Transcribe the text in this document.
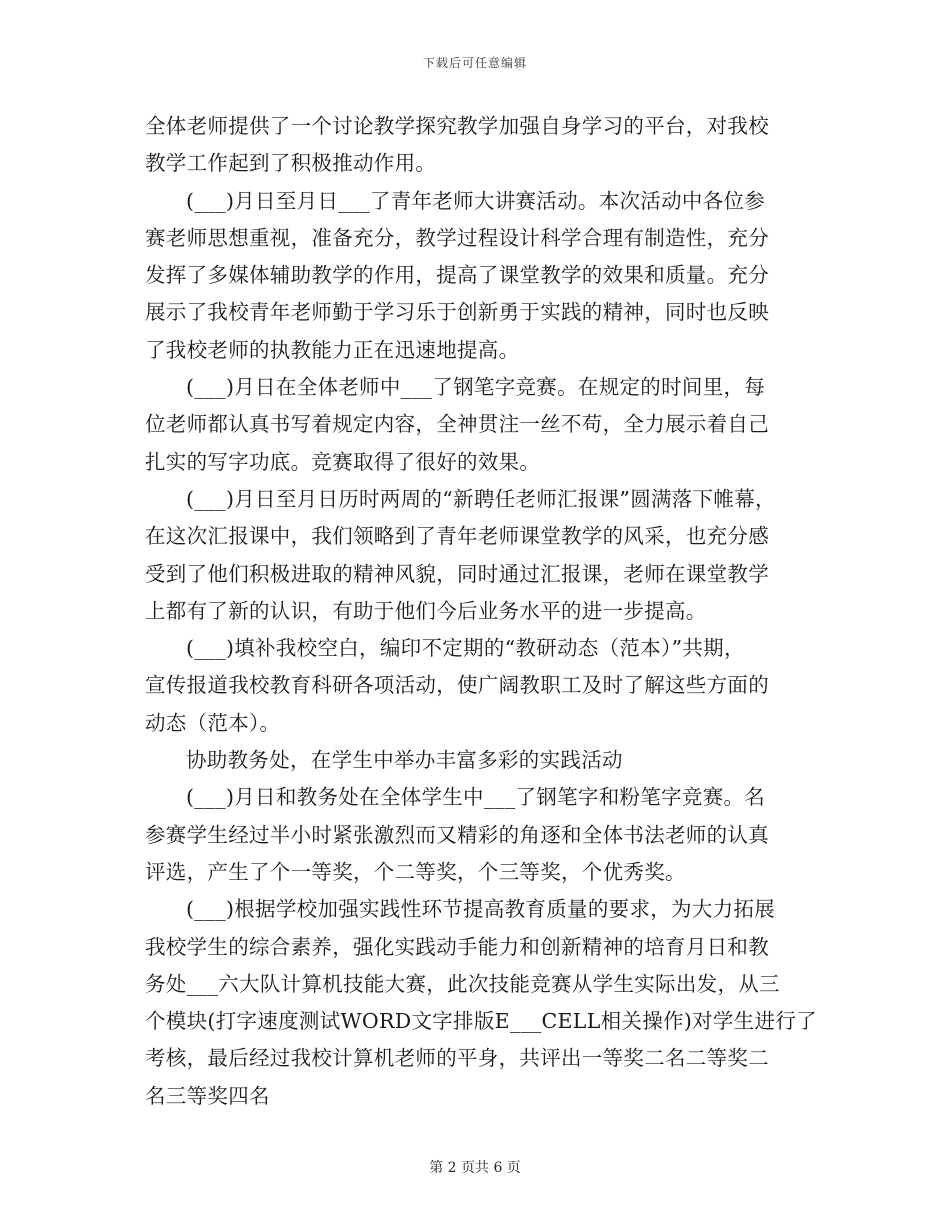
下载后可任意编辑
全体老师提供了一个讨论教学探究教学加强自身学习的平台，对我校
教学工作起到了积极推动作用。
(___)月日至月日___了青年老师大讲赛活动。本次活动中各位参
赛老师思想重视，准备充分，教学过程设计科学合理有制造性，充分
发挥了多媒体辅助教学的作用，提高了课堂教学的效果和质量。充分
展示了我校青年老师勤于学习乐于创新勇于实践的精神，同时也反映
了我校老师的执教能力正在迅速地提高。
(___)月日在全体老师中___了钢笔字竞赛。在规定的时间里，每
位老师都认真书写着规定内容，全神贯注一丝不苟，全力展示着自己
扎实的写字功底。竞赛取得了很好的效果。
(___)月日至月日历时两周的“新聘任老师汇报课”圆满落下帷幕，
在这次汇报课中，我们领略到了青年老师课堂教学的风采，也充分感
受到了他们积极进取的精神风貌，同时通过汇报课，老师在课堂教学
上都有了新的认识，有助于他们今后业务水平的进一步提高。
(___)填补我校空白，编印不定期的“教研动态（范本）”共期，
宣传报道我校教育科研各项活动，使广阔教职工及时了解这些方面的
动态（范本）。
协助教务处，在学生中举办丰富多彩的实践活动
(___)月日和教务处在全体学生中___了钢笔字和粉笔字竞赛。名
参赛学生经过半小时紧张激烈而又精彩的角逐和全体书法老师的认真
评选，产生了个一等奖，个二等奖，个三等奖，个优秀奖。
(___)根据学校加强实践性环节提高教育质量的要求，为大力拓展
我校学生的综合素养，强化实践动手能力和创新精神的培育月日和教
务处___六大队计算机技能大赛，此次技能竞赛从学生实际出发，从三
个模块(打字速度测试WORD文字排版E___CELL相关操作)对学生进行了
考核，最后经过我校计算机老师的平身，共评出一等奖二名二等奖二
名三等奖四名
第 2 页共 6 页
